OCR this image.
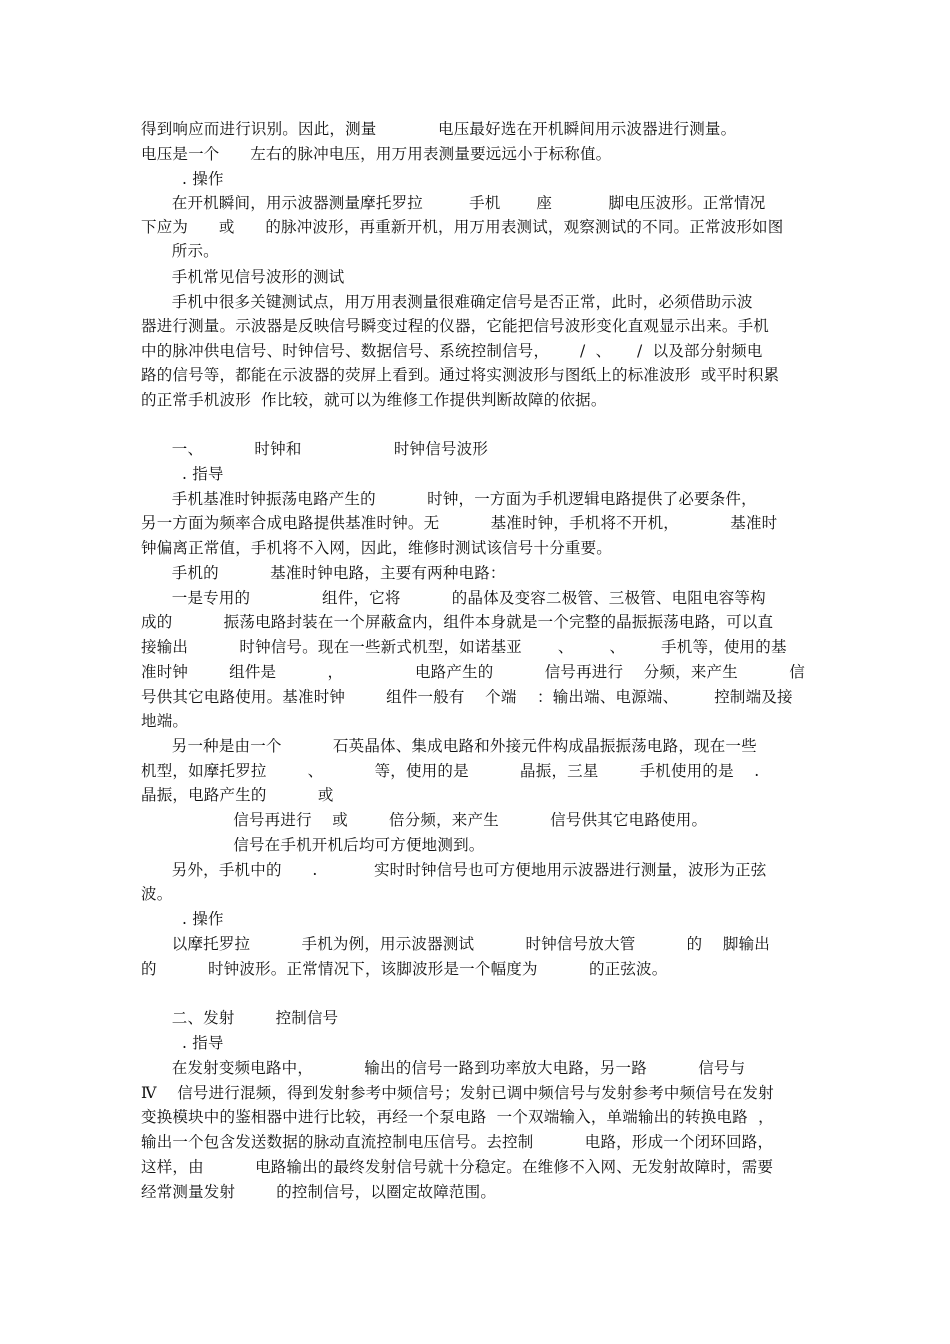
得到响应而进行识别。因此，测量            电压最好选在开机瞬间用示波器进行测量。
电压是一个      左右的脉冲电压，用万用表测量要远远小于标称值。
. 操作
在开机瞬间，用示波器测量摩托罗拉         手机       座           脚电压波形。正常情况
下应为      或      的脉冲波形，再重新开机，用万用表测试，观察测试的不同。正常波形如图
所示。
手机常见信号波形的测试
手机中很多关键测试点，用万用表测量很难确定信号是否正常，此时，必须借助示波
器进行测量。示波器是反映信号瞬变过程的仪器，它能把信号波形变化直观显示出来。手机
中的脉冲供电信号、时钟信号、数据信号、系统控制信号，      /  、     /  以及部分射频电
路的信号等，都能在示波器的荧屏上看到。通过将实测波形与图纸上的标准波形  或平时积累
的正常手机波形  作比较，就可以为维修工作提供判断故障的依据。
一、          时钟和                  时钟信号波形
. 指导
手机基准时钟振荡电路产生的          时钟，一方面为手机逻辑电路提供了必要条件，
另一方面为频率合成电路提供基准时钟。无          基准时钟，手机将不开机，          基准时
钟偏离正常值，手机将不入网，因此，维修时测试该信号十分重要。
手机的          基准时钟电路，主要有两种电路：
一是专用的              组件，它将          的晶体及变容二极管、三极管、电阻电容等构
成的          振荡电路封装在一个屏蔽盒内，组件本身就是一个完整的晶振振荡电路，可以直
接输出          时钟信号。现在一些新式机型，如诺基亚       、       、       手机等，使用的基
准时钟        组件是          ，              电路产生的          信号再进行    分频，来产生          信
号供其它电路使用。基准时钟        组件一般有    个端    ：输出端、电源端、       控制端及接
地端。
另一种是由一个          石英晶体、集成电路和外接元件构成晶振振荡电路，现在一些
机型，如摩托罗拉        、          等，使用的是          晶振，三星        手机使用的是    .
晶振，电路产生的          或
信号再进行    或        倍分频，来产生          信号供其它电路使用。
信号在手机开机后均可方便地测到。
另外，手机中的      .           实时时钟信号也可方便地用示波器进行测量，波形为正弦
波。
. 操作
以摩托罗拉          手机为例，用示波器测试          时钟信号放大管          的    脚输出
的          时钟波形。正常情况下，该脚波形是一个幅度为          的正弦波。
二、发射        控制信号
. 指导
在发射变频电路中，          输出的信号一路到功率放大电路，另一路          信号与
Ⅳ    信号进行混频，得到发射参考中频信号；发射已调中频信号与发射参考中频信号在发射
变换模块中的鉴相器中进行比较，再经一个泵电路  一个双端输入，单端输出的转换电路  ，
输出一个包含发送数据的脉动直流控制电压信号。去控制          电路，形成一个闭环回路，
这样，由          电路输出的最终发射信号就十分稳定。在维修不入网、无发射故障时，需要
经常测量发射        的控制信号，以圈定故障范围。
